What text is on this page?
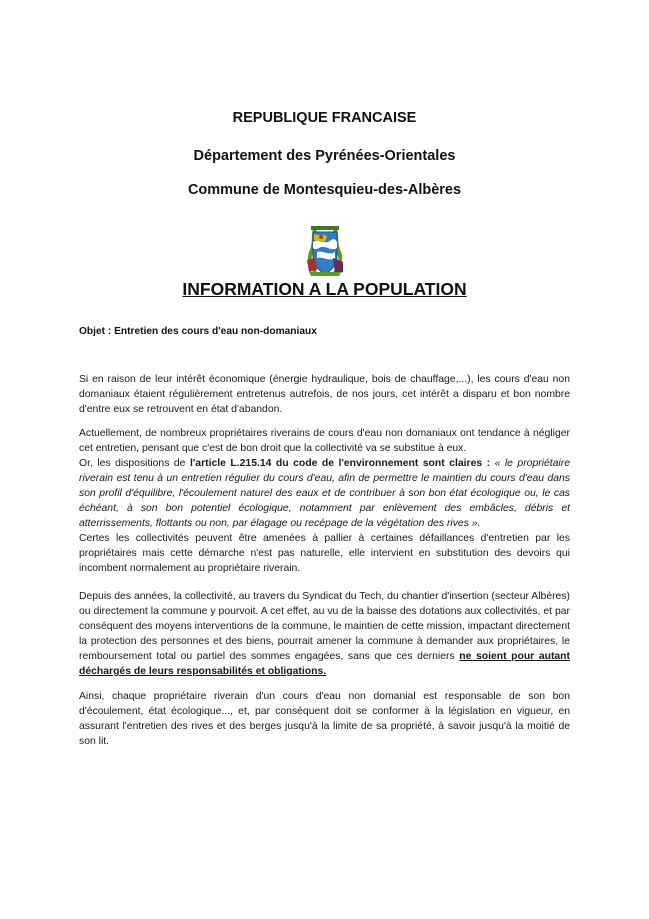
REPUBLIQUE FRANCAISE
Département des Pyrénées-Orientales
Commune de Montesquieu-des-Albères
INFORMATION A LA POPULATION
Objet : Entretien des cours d'eau non-domaniaux

Si en raison de leur intérêt économique (énergie hydraulique, bois de chauffage,...), les cours d'eau non domaniaux étaient régulièrement entretenus autrefois, de nos jours, cet intérêt a disparu et bon nombre d'entre eux se retrouvent en état d'abandon.

Actuellement, de nombreux propriétaires riverains de cours d'eau non domaniaux ont tendance à négliger cet entretien, pensant que c'est de bon droit que la collectivité va se substitue à eux.

Or, les dispositions de l'article L.215.14 du code de l'environnement sont claires : « le propriétaire riverain est tenu à un entretien régulier du cours d'eau, afin de permettre le maintien du cours d'eau dans son profil d'équilibre, l'écoulement naturel des eaux et de contribuer à son bon état écologique ou, le cas échéant, à son bon potentiel écologique, notamment par enlèvement des embâcles, débris et atterrissements, flottants ou non, par élagage ou recépage de la végétation des rives ».

Certes les collectivités peuvent être amenées à pallier à certaines défaillances d'entretien par les propriétaires mais cette démarche n'est pas naturelle, elle intervient en substitution des devoirs qui incombent normalement au propriétaire riverain.

Depuis des années, la collectivité, au travers du Syndicat du Tech, du chantier d'insertion (secteur Albères) ou directement la commune y pourvoit. A cet effet, au vu de la baisse des dotations aux collectivités, et par conséquent des moyens interventions de la commune, le maintien de cette mission, impactant directement la protection des personnes et des biens, pourrait amener la commune à demander aux propriétaires, le remboursement total ou partiel des sommes engagées, sans que ces derniers ne soient pour autant déchargés de leurs responsabilités et obligations.

Ainsi, chaque propriétaire riverain d'un cours d'eau non domanial est responsable de son bon d'écoulement, état écologique..., et, par conséquent doit se conformer à la législation en vigueur, en assurant l'entretien des rives et des berges jusqu'à la limite de sa propriété, à savoir jusqu'à la moitié de son lit.
